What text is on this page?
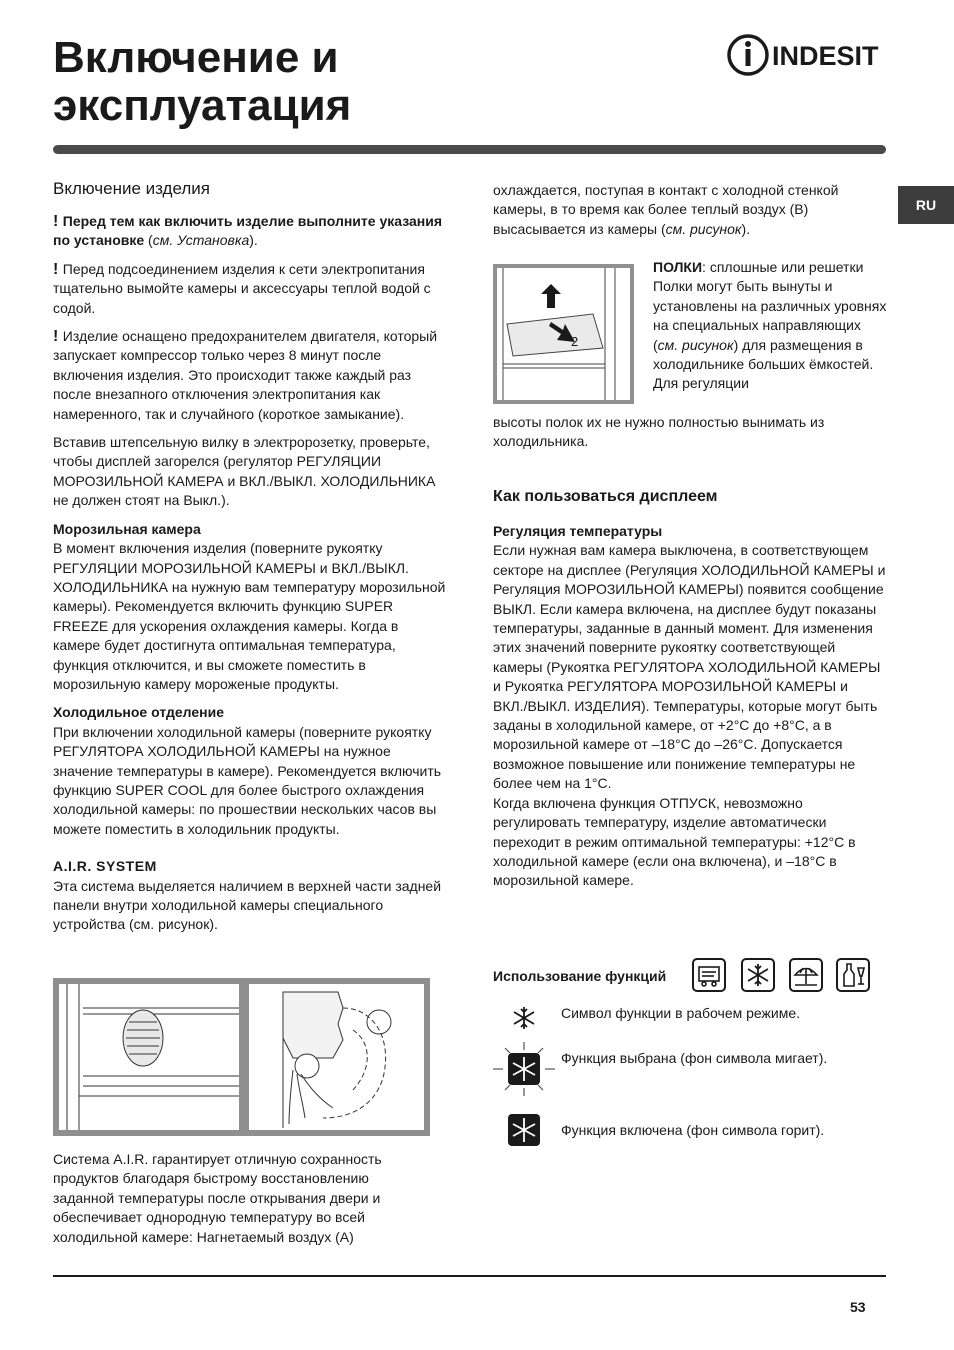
Включение и
эксплуатация
INDESIT
RU
Включение изделия

! Перед тем как включить изделие выполните указания по установке (см. Установка).

! Перед подсоединением изделия к сети электропитания тщательно вымойте камеры и аксессуары теплой водой с содой.

! Изделие оснащено предохранителем двигателя, который запускает компрессор только через 8 минут после включения изделия. Это происходит также каждый раз после внезапного отключения электропитания как намеренного, так и случайного (короткое замыкание).

Вставив штепсельную вилку в электророзетку, проверьте, чтобы дисплей загорелся (регулятор РЕГУЛЯЦИИ МОРОЗИЛЬНОЙ КАМЕРА и ВКЛ./ВЫКЛ. ХОЛОДИЛЬНИКА не должен стоят на Выкл.).

Морозильная камера
В момент включения изделия (поверните рукоятку РЕГУЛЯЦИИ МОРОЗИЛЬНОЙ КАМЕРЫ и ВКЛ./ВЫКЛ. ХОЛОДИЛЬНИКА на нужную вам температуру морозильной камеры). Рекомендуется включить функцию SUPER FREEZE для ускорения охлаждения камеры. Когда в камере будет достигнута оптимальная температура, функция отключится, и вы сможете поместить в морозильную камеру мороженые продукты.

Холодильное отделение
При включении холодильной камеры (поверните рукоятку РЕГУЛЯТОРА ХОЛОДИЛЬНОЙ КАМЕРЫ на нужное значение температуры в камере). Рекомендуется включить функцию SUPER COOL для более быстрого охлаждения холодильной камеры: по прошествии нескольких часов вы можете поместить в холодильник продукты.

A.I.R. SYSTEM
Эта система выделяется наличием в верхней части задней панели внутри холодильной камеры специального устройства (см. рисунок).

Система A.I.R. гарантирует отличную сохранность продуктов благодаря быстрому восстановлению заданной температуры после открывания двери и обеспечивает однородную температуру во всей холодильной камере: Нагнетаемый воздух (A)

охлаждается, поступая в контакт с холодной стенкой камеры, в то время как более теплый воздух (B) высасывается из камеры (см. рисунок).

1
2
ПОЛКИ: сплошные или решетки Полки могут быть вынуты и установлены на различных уровнях на специальных направляющих (см. рисунок) для размещения в холодильнике больших ёмкостей. Для регуляции
высоты полок их не нужно полностью вынимать из холодильника.
Как пользоваться дисплеем

Регуляция температуры
Если нужная вам камера выключена, в соответствующем секторе на дисплее (Регуляция ХОЛОДИЛЬНОЙ КАМЕРЫ и Регуляция МОРОЗИЛЬНОЙ КАМЕРЫ) появится сообщение ВЫКЛ. Если камера включена, на дисплее будут показаны температуры, заданные в данный момент. Для изменения этих значений поверните рукоятку соответствующей камеры (Рукоятка РЕГУЛЯТОРА ХОЛОДИЛЬНОЙ КАМЕРЫ и Рукоятка РЕГУЛЯТОРА МОРОЗИЛЬНОЙ КАМЕРЫ и ВКЛ./ВЫКЛ. ИЗДЕЛИЯ). Температуры, которые могут быть заданы в холодильной камере, от +2°C до +8°C, а в морозильной камере от –18°C до –26°C. Допускается возможное повышение или понижение температуры не более чем на 1°C.

Когда включена функция ОТПУСК, невозможно регулировать температуру, изделие автоматически переходит в режим оптимальной температуры: +12°C в холодильной камере (если она включена), и –18°C в морозильной камере.

Использование функций
Символ функции в рабочем режиме.
Функция выбрана (фон символа мигает).
Функция включена (фон символа горит).
53
